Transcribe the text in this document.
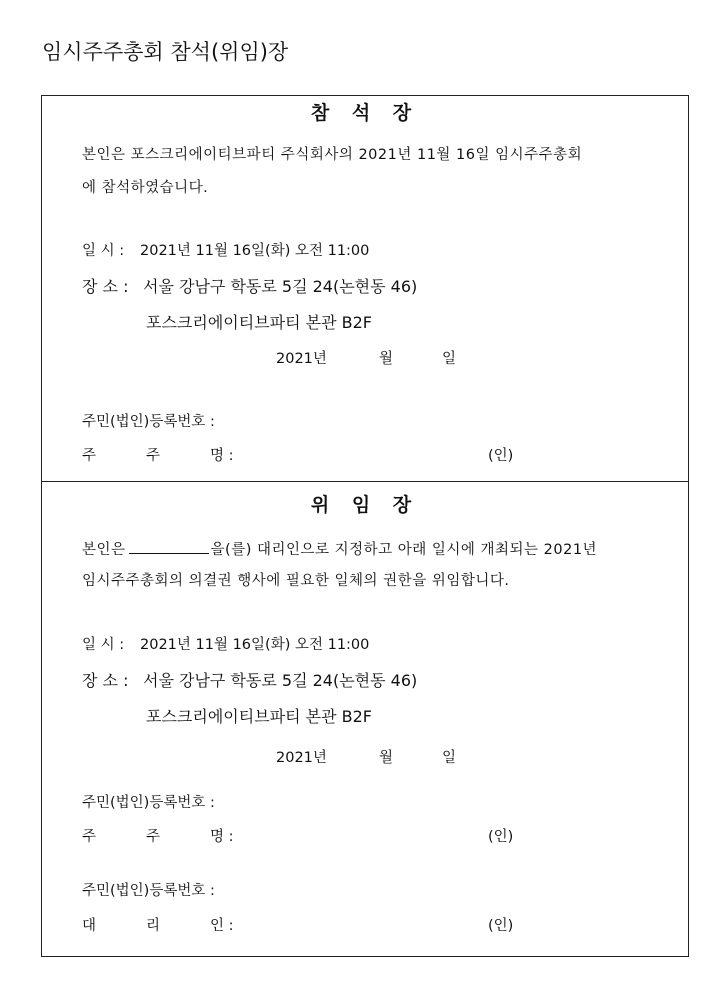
임시주주총회 참석(위임)장
참 석 장
본인은 포스크리에이티브파티 주식회사의 2021년 11월 16일 임시주주총회
에 참석하였습니다.
일 시 : 2021년 11월 16일(화) 오전 11:00
장 소 : 서울 강남구 학동로 5길 24(논현동 46)
포스크리에이티브파티 본관 B2F
2021년	월	일
주민(법인)등록번호 :
주	주	명 :	(인)
위 임 장
본인은	을(를) 대리인으로 지정하고 아래 일시에 개최되는 2021년
임시주주총회의 의결권 행사에 필요한 일체의 권한을 위임합니다.
일 시 : 2021년 11월 16일(화) 오전 11:00
장 소 : 서울 강남구 학동로 5길 24(논현동 46)
포스크리에이티브파티 본관 B2F
2021년	월	일
주민(법인)등록번호 :
주	주	명 :	(인)
주민(법인)등록번호 :
대	리	인 :	(인)
